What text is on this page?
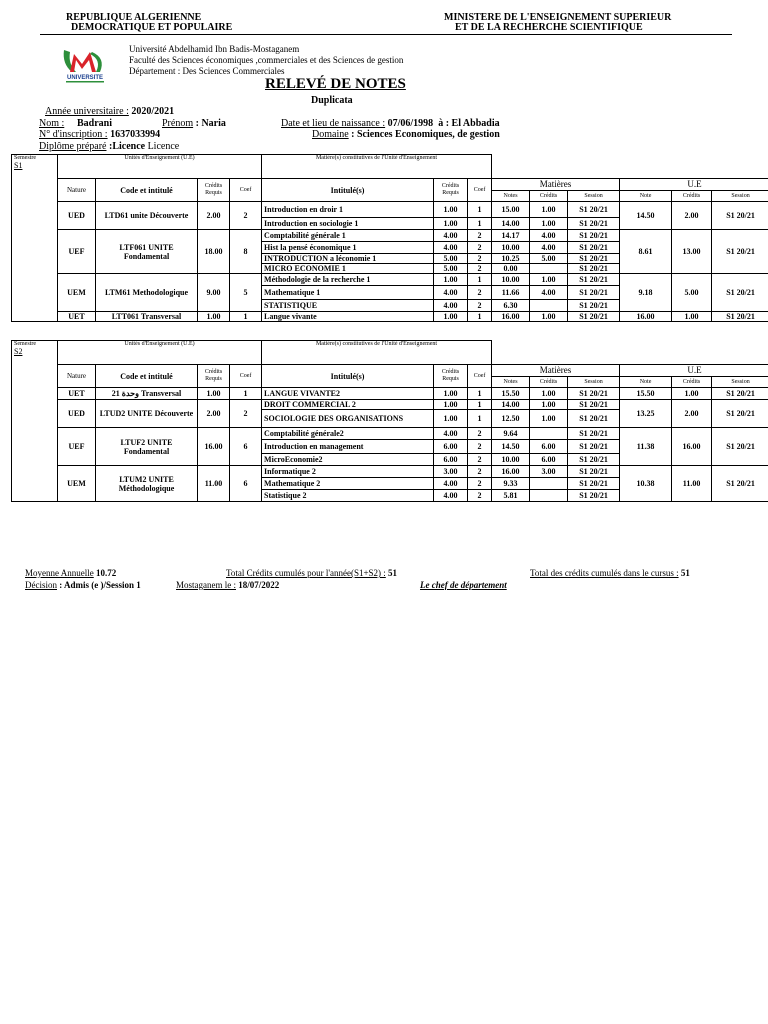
REPUBLIQUE ALGERIENNE
DEMOCRATIQUE ET POPULAIRE
MINISTERE DE L'ENSEIGNEMENT SUPERIEUR
ET DE LA RECHERCHE SCIENTIFIQUE
UNIVERSITE
Université Abdelhamid Ibn Badis-Mostaganem
Faculté des Sciences économiques ,commerciales et des Sciences de gestion
Département : Des Sciences Commerciales
RELEVÉ DE NOTES
Duplicata
Année universitaire : 2020/2021
Nom : Badrani	Prénom : Naria	Date et lieu de naissance : 07/06/1998 à : El Abbadia
N° d'inscription : 1637033994	Domaine : Sciences Economiques, de gestion
Diplôme préparé :Licence Licence
Semestre
S1	Unités d'Enseignement (U.E)				Matière(s) constitutives de l'Unité d'Enseignement								
	Nature	Code et intitulé	Crédits Requis	Coef	Intitulé(s)	Crédits Requis	Coef	Matières			U.E		
								Notes	Crédits	Session	Note	Crédits	Session
	UED	LTD61 unite Découverte	2.00	2	Introduction en droir 1	1.00	1	15.00	1.00	S1 20/21	14.50	2.00	S1 20/21
					Introduction en sociologie 1	1.00	1	14.00	1.00	S1 20/21			
	UEF	LTF061 UNITE Fondamental	18.00	8	Comptabilité générale 1	4.00	2	14.17	4.00	S1 20/21	8.61	13.00	S1 20/21
					Hist la pensé économique 1	4.00	2	10.00	4.00	S1 20/21			
					INTRODUCTION a léconomie 1	5.00	2	10.25	5.00	S1 20/21			
					MICRO ECONOMIE 1	5.00	2	0.00		S1 20/21			
	UEM	LTM61 Methodologique	9.00	5	Méthodologie de la recherche 1	1.00	1	10.00	1.00	S1 20/21	9.18	5.00	S1 20/21
					Mathematique 1	4.00	2	11.66	4.00	S1 20/21			
					STATISTIQUE	4.00	2	6.30		S1 20/21			
	UET	LTT061 Transversal	1.00	1	Langue vivante	1.00	1	16.00	1.00	S1 20/21	16.00	1.00	S1 20/21
Semestre
S2	Unités d'Enseignement (U.E)				Matière(s) constitutives de l'Unité d'Enseignement								
	Nature	Code et intitulé	Crédits Requis	Coef	Intitulé(s)	Crédits Requis	Coef	Matières			U.E		
								Notes	Crédits	Session	Note	Crédits	Session
	UET	وحدة 21 Transversal	1.00	1	LANGUE VIVANTE2	1.00	1	15.50	1.00	S1 20/21	15.50	1.00	S1 20/21
	UED	LTUD2 UNITE Découverte	2.00	2	DROIT COMMERCIAL 2	1.00	1	14.00	1.00	S1 20/21	13.25	2.00	S1 20/21
					SOCIOLOGIE DES ORGANISATIONS	1.00	1	12.50	1.00	S1 20/21			
	UEF	LTUF2 UNITE Fondamental	16.00	6	Comptabilité générale2	4.00	2	9.64		S1 20/21	11.38	16.00	S1 20/21
					Introduction en management	6.00	2	14.50	6.00	S1 20/21			
					MicroEconomie2	6.00	2	10.00	6.00	S1 20/21			
	UEM	LTUM2 UNITE Méthodologique	11.00	6	Informatique 2	3.00	2	16.00	3.00	S1 20/21	10.38	11.00	S1 20/21
					Mathematique 2	4.00	2	9.33		S1 20/21			
					Statistique 2	4.00	2	5.81		S1 20/21			
Moyenne Annuelle 10.72	Total Crédits cumulés pour l'année(S1+S2) : 51	Total des crédits cumulés dans le cursus : 51
Décision : Admis (e )/Session 1	Mostaganem le : 18/07/2022	Le chef de département
